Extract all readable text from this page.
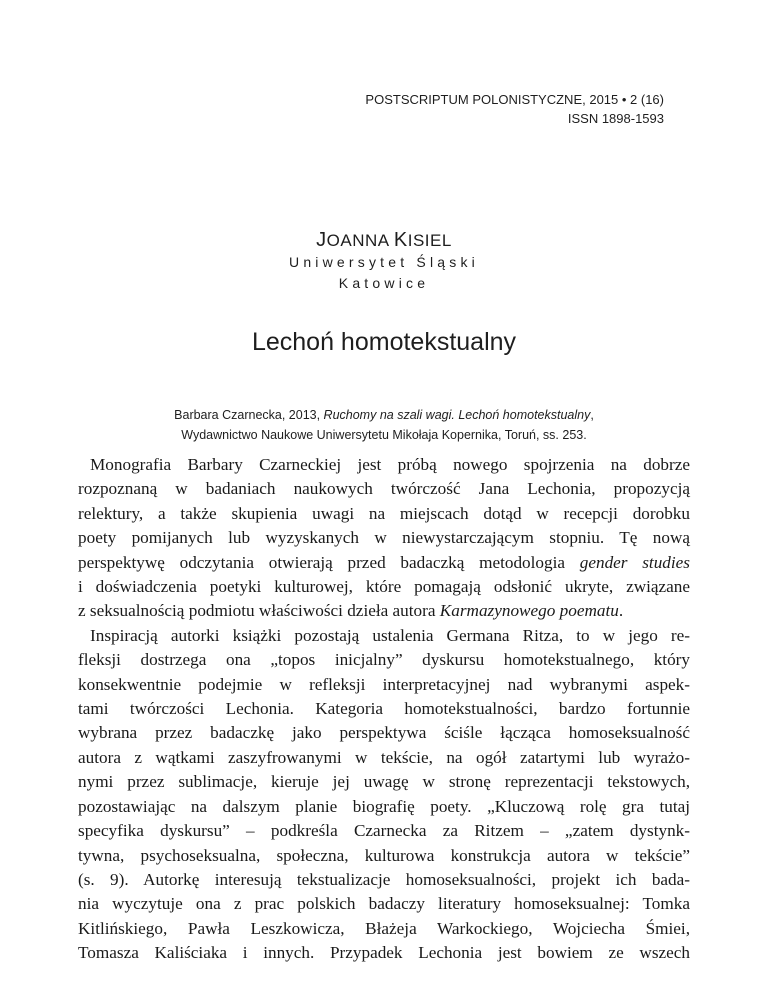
POSTSCRIPTUM POLONISTYCZNE, 2015 • 2 (16)
ISSN 1898-1593
JOANNA KISIEL
Uniwersytet Śląski
Katowice
Lechoń homotekstualny
Barbara Czarnecka, 2013, Ruchomy na szali wagi. Lechoń homotekstualny,
Wydawnictwo Naukowe Uniwersytetu Mikołaja Kopernika, Toruń, ss. 253.

Monografia Barbary Czarneckiej jest próbą nowego spojrzenia na dobrze

rozpoznaną w badaniach naukowych twórczość Jana Lechonia, propozycją

relektury, a także skupienia uwagi na miejscach dotąd w recepcji dorobku

poety pomijanych lub wyzyskanych w niewystarczającym stopniu. Tę nową

perspektywę odczytania otwierają przed badaczką metodologia gender studies

i doświadczenia poetyki kulturowej, które pomagają odsłonić ukryte, związane

z seksualnością podmiotu właściwości dzieła autora Karmazynowego poematu.

Inspiracją autorki książki pozostają ustalenia Germana Ritza, to w jego re-

fleksji dostrzega ona „topos inicjalny” dyskursu homotekstualnego, który

konsekwentnie podejmie w refleksji interpretacyjnej nad wybranymi aspek-

tami twórczości Lechonia. Kategoria homotekstualności, bardzo fortunnie

wybrana przez badaczkę jako perspektywa ściśle łącząca homoseksualność

autora z wątkami zaszyfrowanymi w tekście, na ogół zatartymi lub wyrażo-

nymi przez sublimacje, kieruje jej uwagę w stronę reprezentacji tekstowych,

pozostawiając na dalszym planie biografię poety. „Kluczową rolę gra tutaj

specyfika dyskursu” – podkreśla Czarnecka za Ritzem – „zatem dystynk-

tywna, psychoseksualna, społeczna, kulturowa konstrukcja autora w tekście”

(s. 9). Autorkę interesują tekstualizacje homoseksualności, projekt ich bada-

nia wyczytuje ona z prac polskich badaczy literatury homoseksualnej: Tomka

Kitlińskiego, Pawła Leszkowicza, Błażeja Warkockiego, Wojciecha Śmiei,

Tomasza Kaliściaka i innych. Przypadek Lechonia jest bowiem ze wszech
